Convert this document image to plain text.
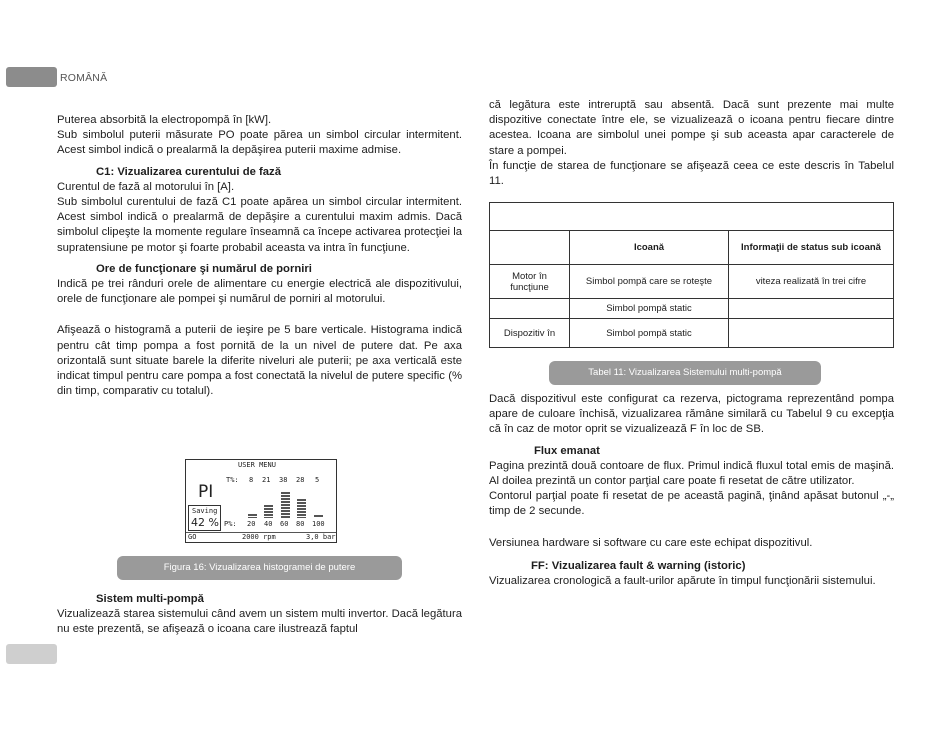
ROMÂNĂ

Puterea absorbită la electropompă în [kW].

Sub simbolul puterii măsurate PO poate părea un simbol circular intermitent. Acest simbol indică o prealarmă la depăşirea puterii maxime admise.

C1: Vizualizarea curentului de fază

Curentul de fază al motorului în [A].

Sub simbolul curentului de fază C1 poate apărea un simbol circular intermitent. Acest simbol indică o prealarmă de depăşire a curentului maxim admis. Dacă simbolul clipeşte la momente regulare înseamnă ca începe activarea protecţiei la supratensiune pe motor şi foarte probabil aceasta va intra în funcţiune.

Ore de funcţionare şi numărul de porniri

Indică pe trei rânduri orele de alimentare cu energie electrică ale dispozitivului, orele de funcţionare ale pompei şi numărul de porniri al motorului.

Afişează o histogramă a puterii de ieşire pe 5 bare verticale. Histograma indică pentru cât timp pompa a fost pornită de la un nivel de putere dat. Pe axa orizontală sunt situate barele la diferite niveluri ale puterii; pe axa verticală este indicat timpul pentru care pompa a fost conectată la nivelul de putere specific (% din timp, comparativ cu totalul).

USER MENU
T%: 8 21 38 28 5
PI
Saving
42 % P%: 20 40 60 80 100
GO	2000 rpm	3,0 bar
Figura 16: Vizualizarea histogramei de putere

Sistem multi-pompă

Vizualizează starea sistemului când avem un sistem multi invertor. Dacă legătura nu este prezentă, se afişează o icoana care ilustrează faptul

că legătura este intreruptă sau absentă. Dacă sunt prezente mai multe dispozitive conectate între ele, se vizualizează o icoana pentru fiecare dintre acestea. Icoana are simbolul unei pompe şi sub aceasta apar caracterele de stare a pompei.

În funcţie de starea de funcţionare se afişează ceea ce este descris în Tabelul 11.

	Icoană	Informaţii de status sub icoană
Motor în funcţiune	Simbol pompă care se roteşte	viteza realizată în trei cifre
	Simbol pompă static	
Dispozitiv în	Simbol pompă static	
Tabel 11: Vizualizarea Sistemului multi-pompă

Dacă dispozitivul este configurat ca rezerva, pictograma reprezentând pompa apare de culoare închisă, vizualizarea rămâne similară cu Tabelul 9 cu excepţia că în caz de motor oprit se vizualizează F în loc de SB.

Flux emanat

Pagina prezintă două contoare de flux. Primul indică fluxul total emis de maşină. Al doilea prezintă un contor parţial care poate fi resetat de către utilizator.

Contorul parţial poate fi resetat de pe această pagină, ţinând apăsat butonul „-„ timp de 2 secunde.

Versiunea hardware si software cu care este echipat dispozitivul.

FF: Vizualizarea fault & warning (istoric)

Vizualizarea cronologică a fault-urilor apărute în timpul funcţionării sistemului.
